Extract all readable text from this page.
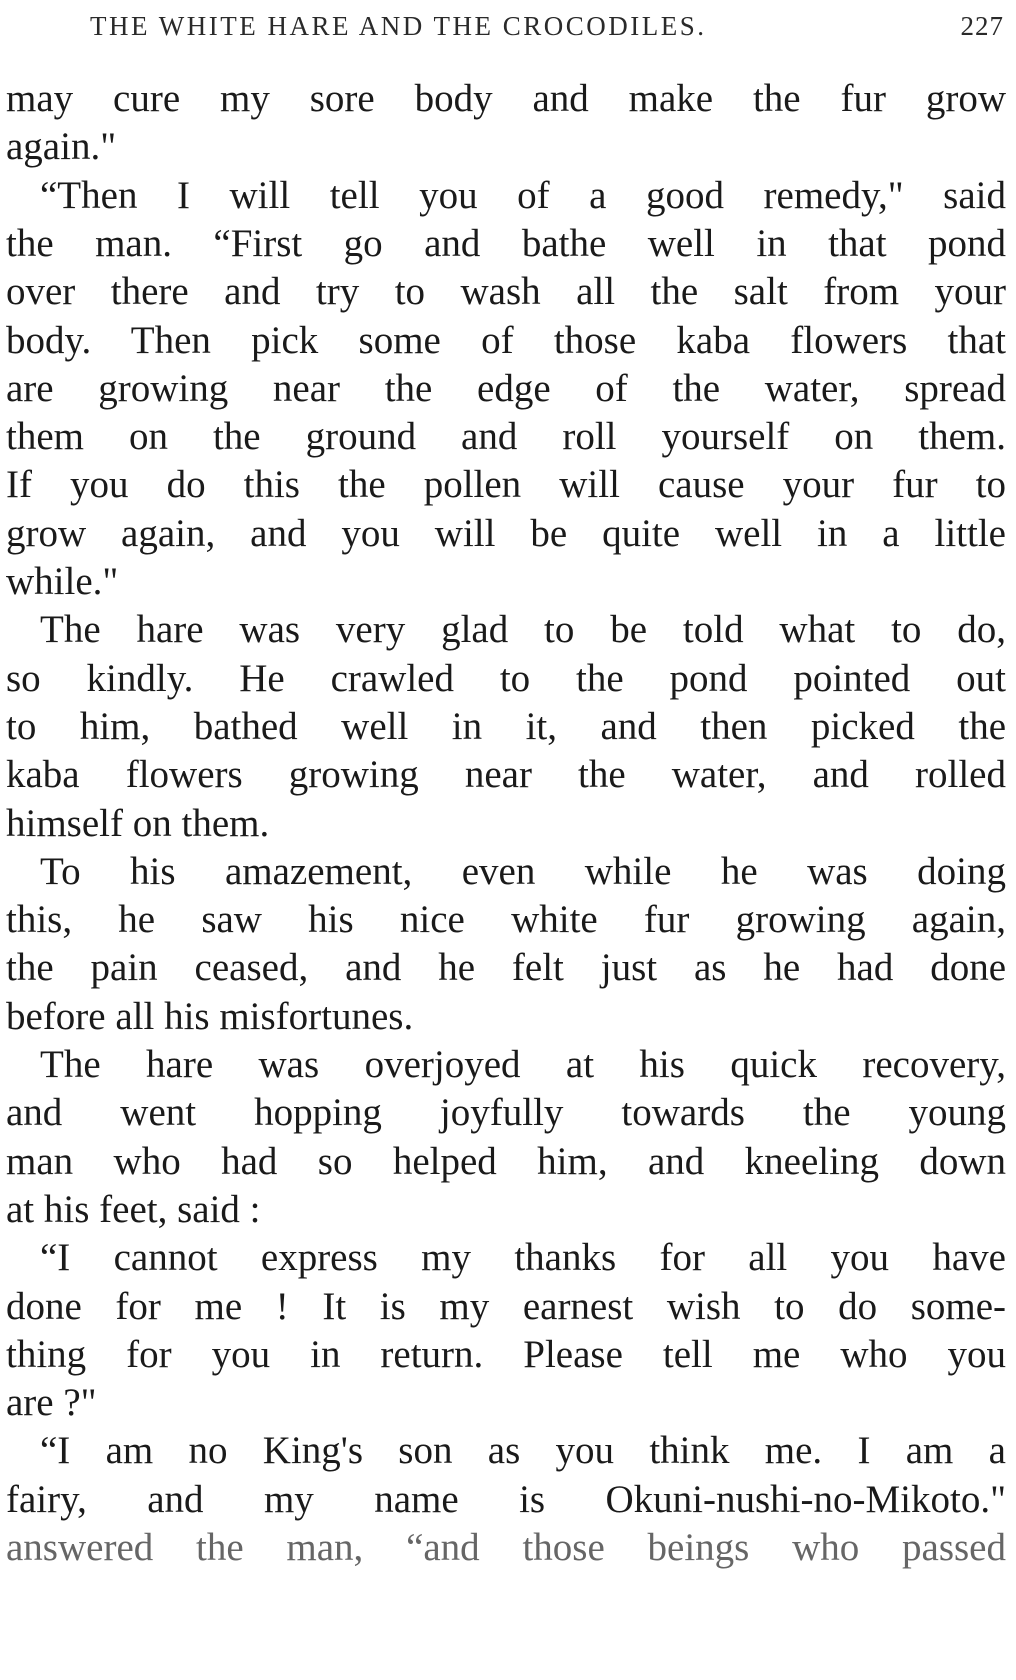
THE WHITE HARE AND THE CROCODILES.	227
may cure my sore body and make the fur grow
again."
“Then I will tell you of a good remedy," said
the man. “First go and bathe well in that pond
over there and try to wash all the salt from your
body. Then pick some of those kaba flowers that
are growing near the edge of the water, spread
them on the ground and roll yourself on them.
If you do this the pollen will cause your fur to
grow again, and you will be quite well in a little
while."
The hare was very glad to be told what to do,
so kindly. He crawled to the pond pointed out
to him, bathed well in it, and then picked the
kaba flowers growing near the water, and rolled
himself on them.
To his amazement, even while he was doing
this, he saw his nice white fur growing again,
the pain ceased, and he felt just as he had done
before all his misfortunes.
The hare was overjoyed at his quick recovery,
and went hopping joyfully towards the young
man who had so helped him, and kneeling down
at his feet, said :
“I cannot express my thanks for all you have
done for me ! It is my earnest wish to do some-
thing for you in return. Please tell me who you
are ?"
“I am no King's son as you think me. I am a
fairy, and my name is Okuni-nushi-no-Mikoto."
answered the man, “and those beings who passed
